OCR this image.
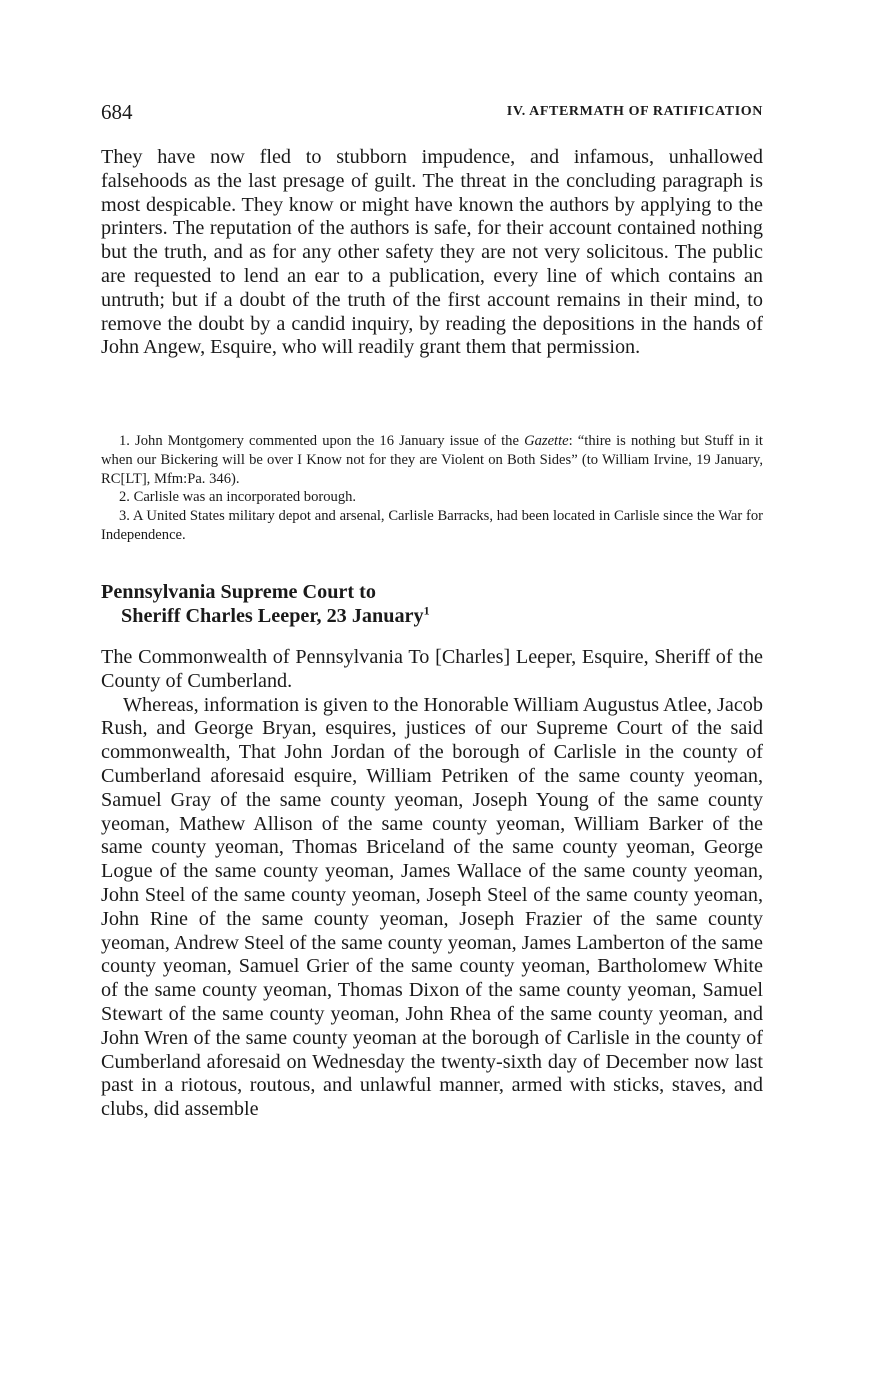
684	IV. AFTERMATH OF RATIFICATION

They have now fled to stubborn impudence, and infamous, unhallowed falsehoods as the last presage of guilt. The threat in the concluding paragraph is most despicable. They know or might have known the authors by applying to the printers. The reputation of the authors is safe, for their account contained nothing but the truth, and as for any other safety they are not very solicitous. The public are requested to lend an ear to a publication, every line of which contains an untruth; but if a doubt of the truth of the first account remains in their mind, to remove the doubt by a candid inquiry, by reading the depositions in the hands of John Angew, Esquire, who will readily grant them that permission.

1. John Montgomery commented upon the 16 January issue of the Gazette: “thire is nothing but Stuff in it when our Bickering will be over I Know not for they are Violent on Both Sides” (to William Irvine, 19 January, RC[LT], Mfm:Pa. 346).

2. Carlisle was an incorporated borough.

3. A United States military depot and arsenal, Carlisle Barracks, had been located in Carlisle since the War for Independence.

Pennsylvania Supreme Court to
Sheriff Charles Leeper, 23 January$^1$

The Commonwealth of Pennsylvania To [Charles] Leeper, Esquire, Sheriff of the County of Cumberland.

Whereas, information is given to the Honorable William Augustus Atlee, Jacob Rush, and George Bryan, esquires, justices of our Supreme Court of the said commonwealth, That John Jordan of the borough of Carlisle in the county of Cumberland aforesaid esquire, William Petriken of the same county yeoman, Samuel Gray of the same county yeoman, Joseph Young of the same county yeoman, Mathew Allison of the same county yeoman, William Barker of the same county yeoman, Thomas Briceland of the same county yeoman, George Logue of the same county yeoman, James Wallace of the same county yeoman, John Steel of the same county yeoman, Joseph Steel of the same county yeoman, John Rine of the same county yeoman, Joseph Frazier of the same county yeoman, Andrew Steel of the same county yeoman, James Lamberton of the same county yeoman, Samuel Grier of the same county yeoman, Bartholomew White of the same county yeoman, Thomas Dixon of the same county yeoman, Samuel Stewart of the same county yeoman, John Rhea of the same county yeoman, and John Wren of the same county yeoman at the borough of Carlisle in the county of Cumberland aforesaid on Wednesday the twenty-sixth day of December now last past in a riotous, routous, and unlawful manner, armed with sticks, staves, and clubs, did assemble
